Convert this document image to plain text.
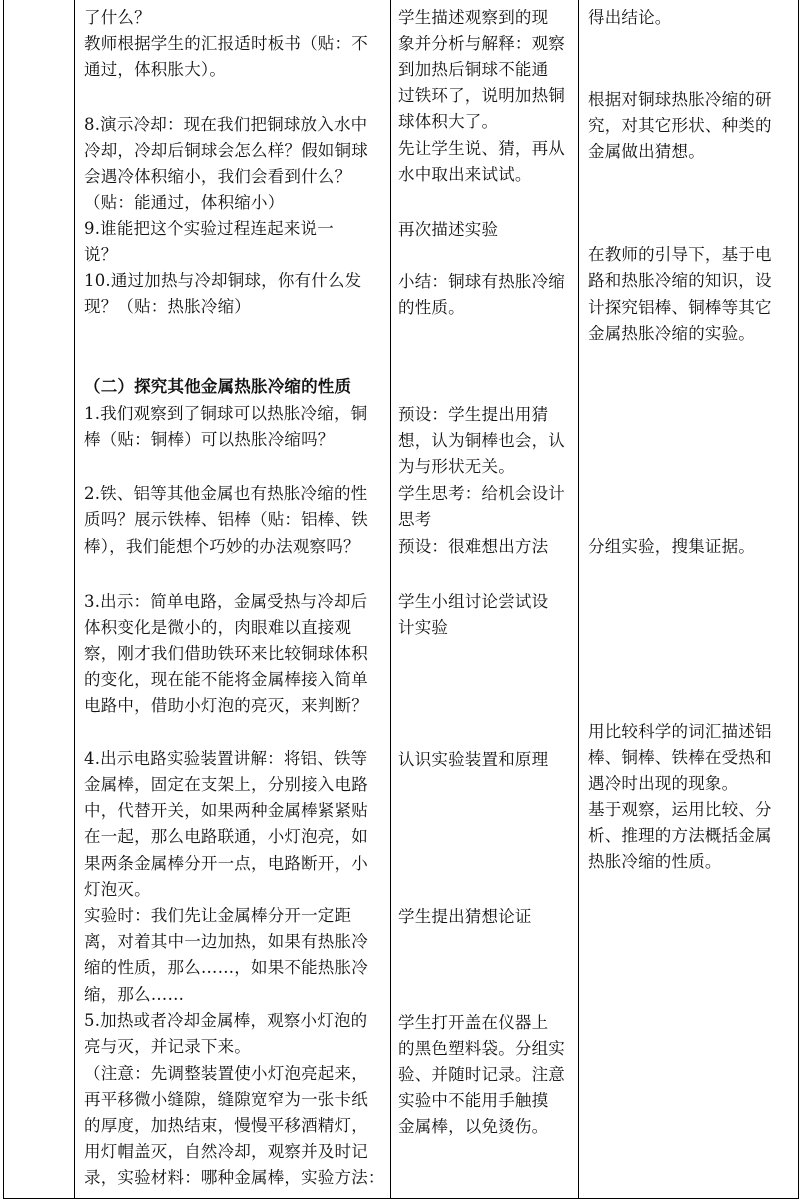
了什么？
教师根据学生的汇报适时板书（贴：不
通过，体积胀大）。
8.演示冷却：现在我们把铜球放入水中
冷却，冷却后铜球会怎么样？假如铜球
会遇冷体积缩小，我们会看到什么？
（贴：能通过，体积缩小）
9.谁能把这个实验过程连起来说一
说？
10.通过加热与冷却铜球，你有什么发
现？（贴：热胀冷缩）
（二）探究其他金属热胀冷缩的性质
1.我们观察到了铜球可以热胀冷缩，铜
棒（贴：铜棒）可以热胀冷缩吗？
2.铁、铝等其他金属也有热胀冷缩的性
质吗？展示铁棒、铝棒（贴：铝棒、铁
棒），我们能想个巧妙的办法观察吗？
3.出示：简单电路，金属受热与冷却后
体积变化是微小的，肉眼难以直接观
察，刚才我们借助铁环来比较铜球体积
的变化，现在能不能将金属棒接入简单
电路中，借助小灯泡的亮灭，来判断？
4.出示电路实验装置讲解：将铝、铁等
金属棒，固定在支架上，分别接入电路
中，代替开关，如果两种金属棒紧紧贴
在一起，那么电路联通，小灯泡亮，如
果两条金属棒分开一点，电路断开，小
灯泡灭。
实验时：我们先让金属棒分开一定距
离，对着其中一边加热，如果有热胀冷
缩的性质，那么……，如果不能热胀冷
缩，那么……
5.加热或者冷却金属棒，观察小灯泡的
亮与灭，并记录下来。
（注意：先调整装置使小灯泡亮起来，
再平移微小缝隙，缝隙宽窄为一张卡纸
的厚度，加热结束，慢慢平移酒精灯，
用灯帽盖灭，自然冷却，观察并及时记
录，实验材料：哪种金属棒，实验方法：
学生描述观察到的现
象并分析与解释：观察
到加热后铜球不能通
过铁环了，说明加热铜
球体积大了。
先让学生说、猜，再从
水中取出来试试。
再次描述实验
小结：铜球有热胀冷缩
的性质。
预设：学生提出用猜
想，认为铜棒也会，认
为与形状无关。
学生思考：给机会设计
思考
预设：很难想出方法
学生小组讨论尝试设
计实验
认识实验装置和原理
学生提出猜想论证
学生打开盖在仪器上
的黑色塑料袋。分组实
验、并随时记录。注意
实验中不能用手触摸
金属棒，以免烫伤。
得出结论。
根据对铜球热胀冷缩的研
究，对其它形状、种类的
金属做出猜想。
在教师的引导下，基于电
路和热胀冷缩的知识，设
计探究铝棒、铜棒等其它
金属热胀冷缩的实验。
分组实验，搜集证据。
用比较科学的词汇描述铝
棒、铜棒、铁棒在受热和
遇冷时出现的现象。
基于观察，运用比较、分
析、推理的方法概括金属
热胀冷缩的性质。
